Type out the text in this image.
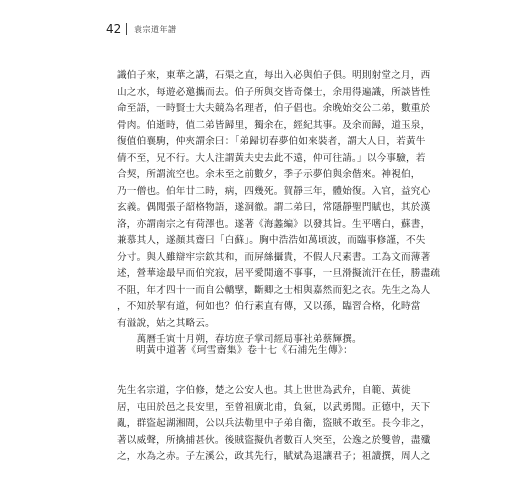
42 袁宗道年譜
識伯子來，東華之講，石渠之直，每出入必與伯子俱。明則射堂之月，西
山之水，每遊必邀攜而去。伯子所與交皆奇傑士，余用得遍識，所談皆性
命至語，一時賢士大夫競為名理者，伯子倡也。余晚始交公二弟，數重於
骨肉。伯逝時，值二弟皆歸里，獨余在，經紀其事。及余而歸，道玉泉，
復值伯襄駒，仲夾謂余曰：「弟歸切春夢伯如來裝者，謂大人日，若黃牛
倩不至，兄不行。大人注謂黃夫史去此不遠，仲可往請。」以今事驗，若
合契，所謂流空也。余未至之前數夕，季子示夢伯與余偕來。神視伯，
乃一僧也。伯年廿二時，病，四幾死。賀靜三年，體始復。入官，益究心
玄義。偶聞張子韶格物語，遂洞徹。謂二弟曰，常隱靜聖門賦也，其於漢
洛，亦謂南宗之有荷澤也。遂著《海蠡編》以發其旨。生平嗜白，蘇書，
兼慕其人，遂顏其齋曰「白蘇」。胸中浩浩如萬頃波，而臨事修謹，不失
分寸。與人雖辯牢宗欽其和，而屏絲攝貴，不假人尺素書。工為文而薄著
述，營華途最早而伯究寂，居平愛閒適不事事，一旦滑擬流汗在任，勝盡疏
不阻，年才四十一而自公轎擘，斷卿之士相與嘉然而犯之衣。先生之為人
，不知於挈有道，何如也？伯行素直有傳，又以孫，臨習合格，化時當
有溢說，姑之其略云。
　　萬曆壬寅十月朔，春坊庶子掌司經局事社弟蔡輝撰。
明黃中道著《珂雪齋集》卷十七《石浦先生傳》：
先生名宗道，字伯修，楚之公安人也。其上世世為武弁，自範、黃徙
居，屯田於邑之長安里，至曾祖廣北甫，負氣，以武勇聞。正德中，天下
亂，群盜起湖湘間，公以兵法勒里中子弟自衞，盜賊不敢至。長今非之，
著以威聲，所擒捕甚伙。後賊盜擬仇者數百人突至，公逸之於雙曾，盡殲
之，水為之赤。子左溪公，政其先行，賦斌為退讓君子；祖讀撰，周人之
